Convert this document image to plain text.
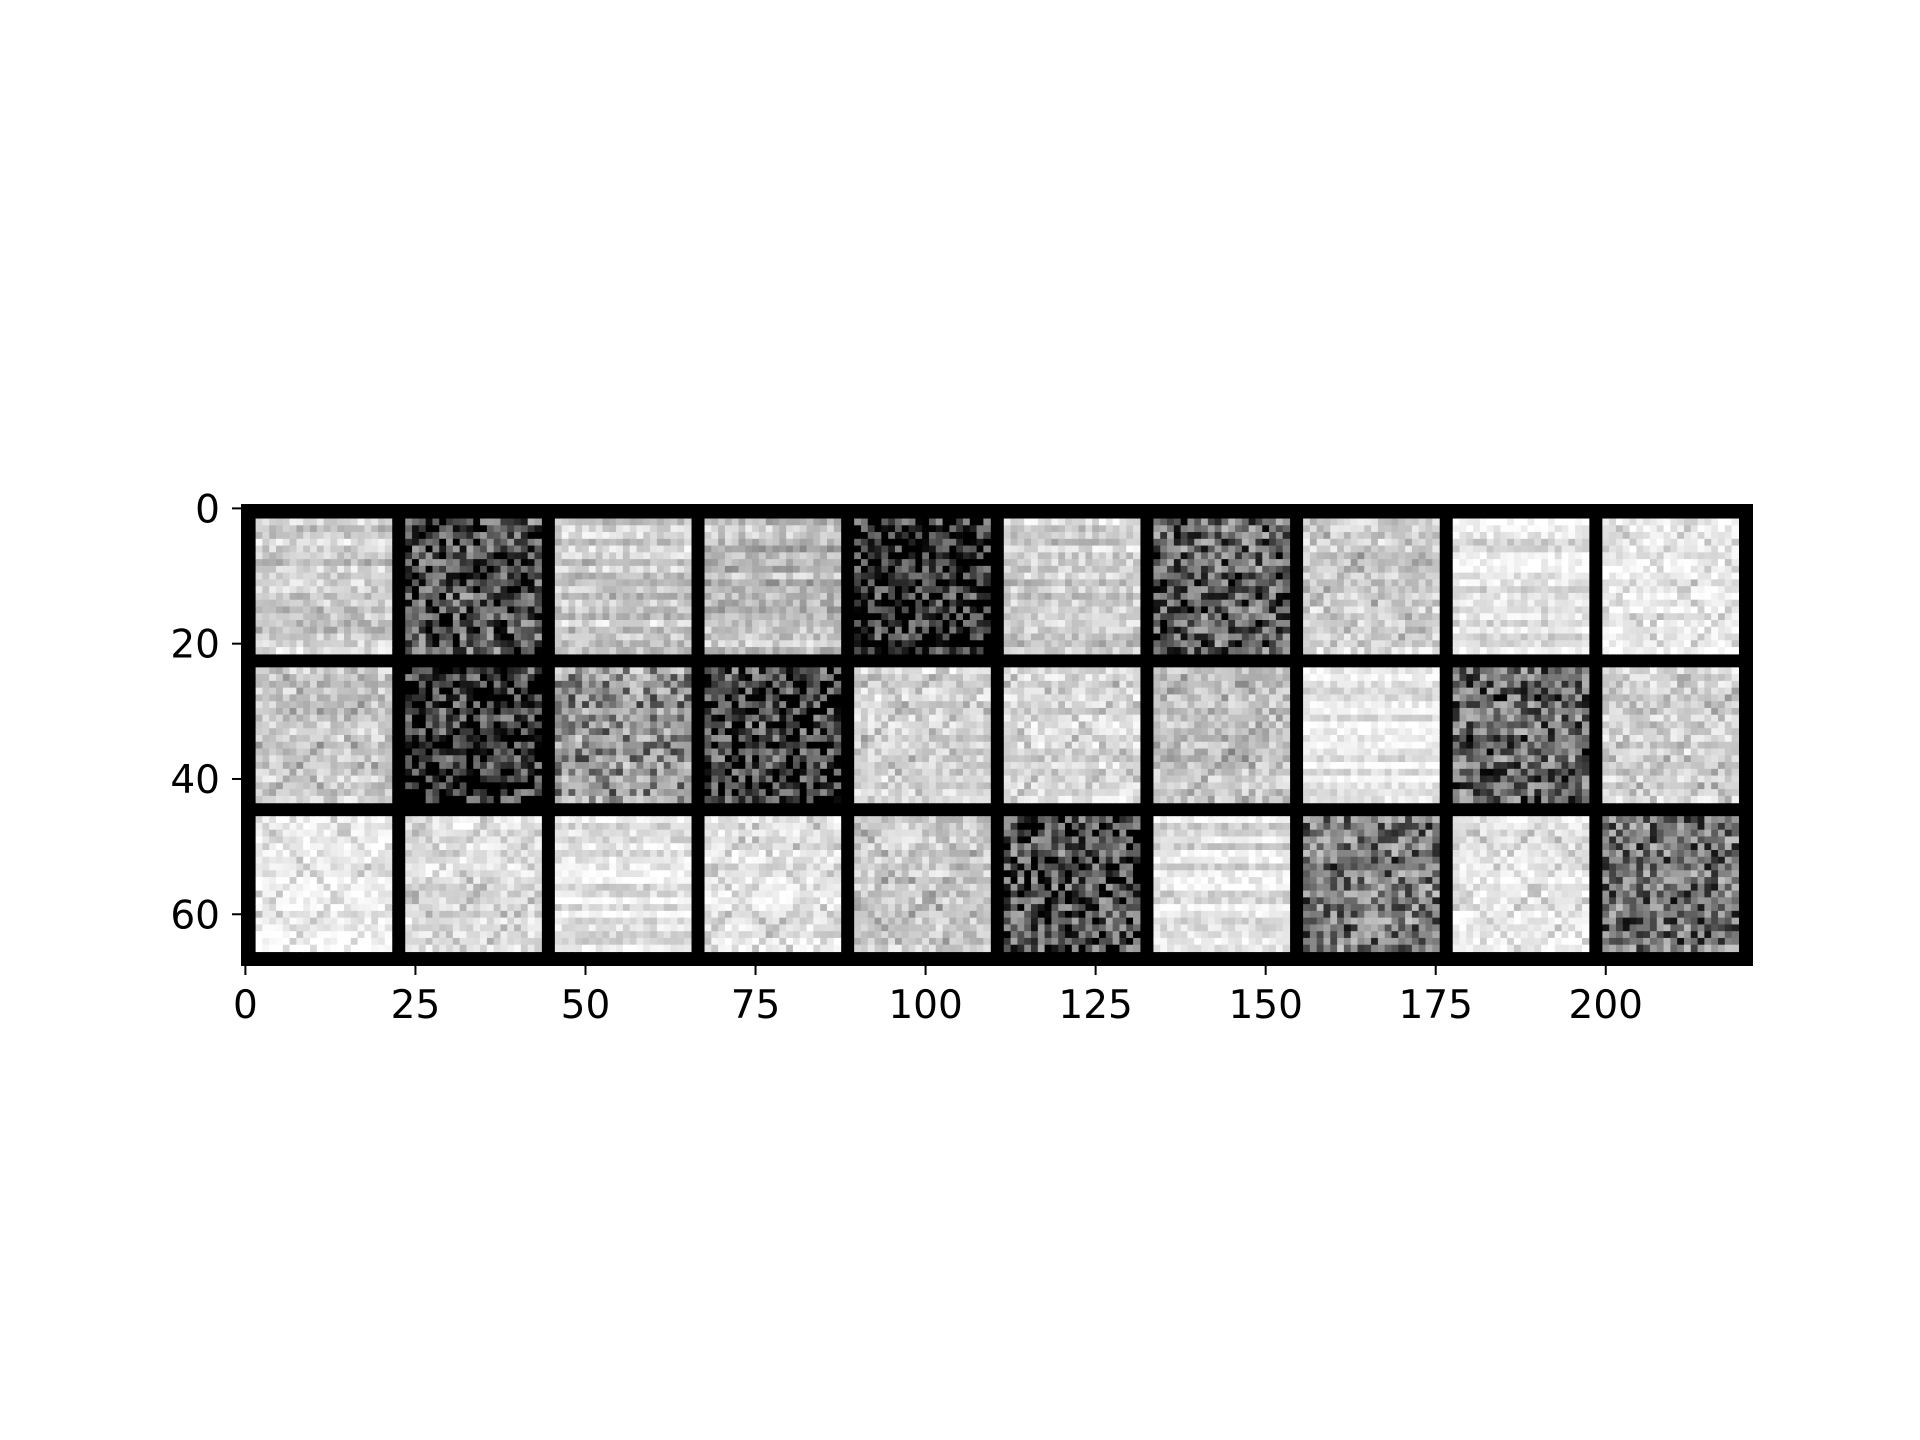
0	25	50	75	100 125 150 175 200
0
20
40
60
